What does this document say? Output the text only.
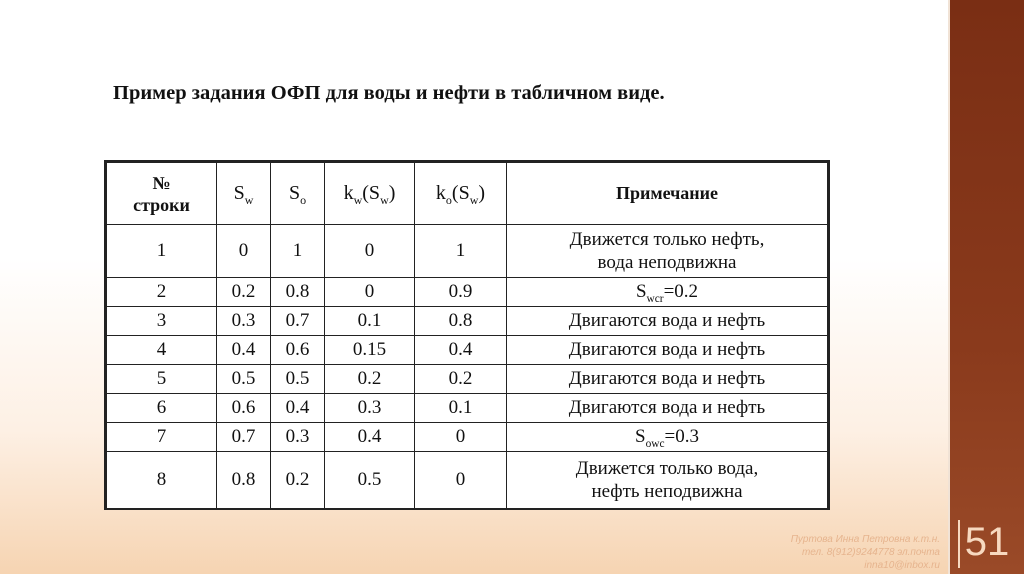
51
Пример задания ОФП для воды и нефти в табличном виде.
№
строки	$S_w$	$S_o$	$k_w(S_w)$	$k_o(S_w)$	Примечание
1	0	1	0	1	Движется только нефть,
вода неподвижна

2	0.2	0.8	0	0.9	$S_{wcr}=0.2$
3	0.3	0.7	0.1	0.8	Двигаются вода и нефть
4	0.4	0.6	0.15	0.4	Двигаются вода и нефть
5	0.5	0.5	0.2	0.2	Двигаются вода и нефть
6	0.6	0.4	0.3	0.1	Двигаются вода и нефть
7	0.7	0.3	0.4	0	$S_{owc}=0.3$
8	0.8	0.2	0.5	0	Движется только вода,
нефть неподвижна
Пуртова Инна Петровна к.т.н.
тел. 8(912)9244778 эл.почта
inna10@inbox.ru
